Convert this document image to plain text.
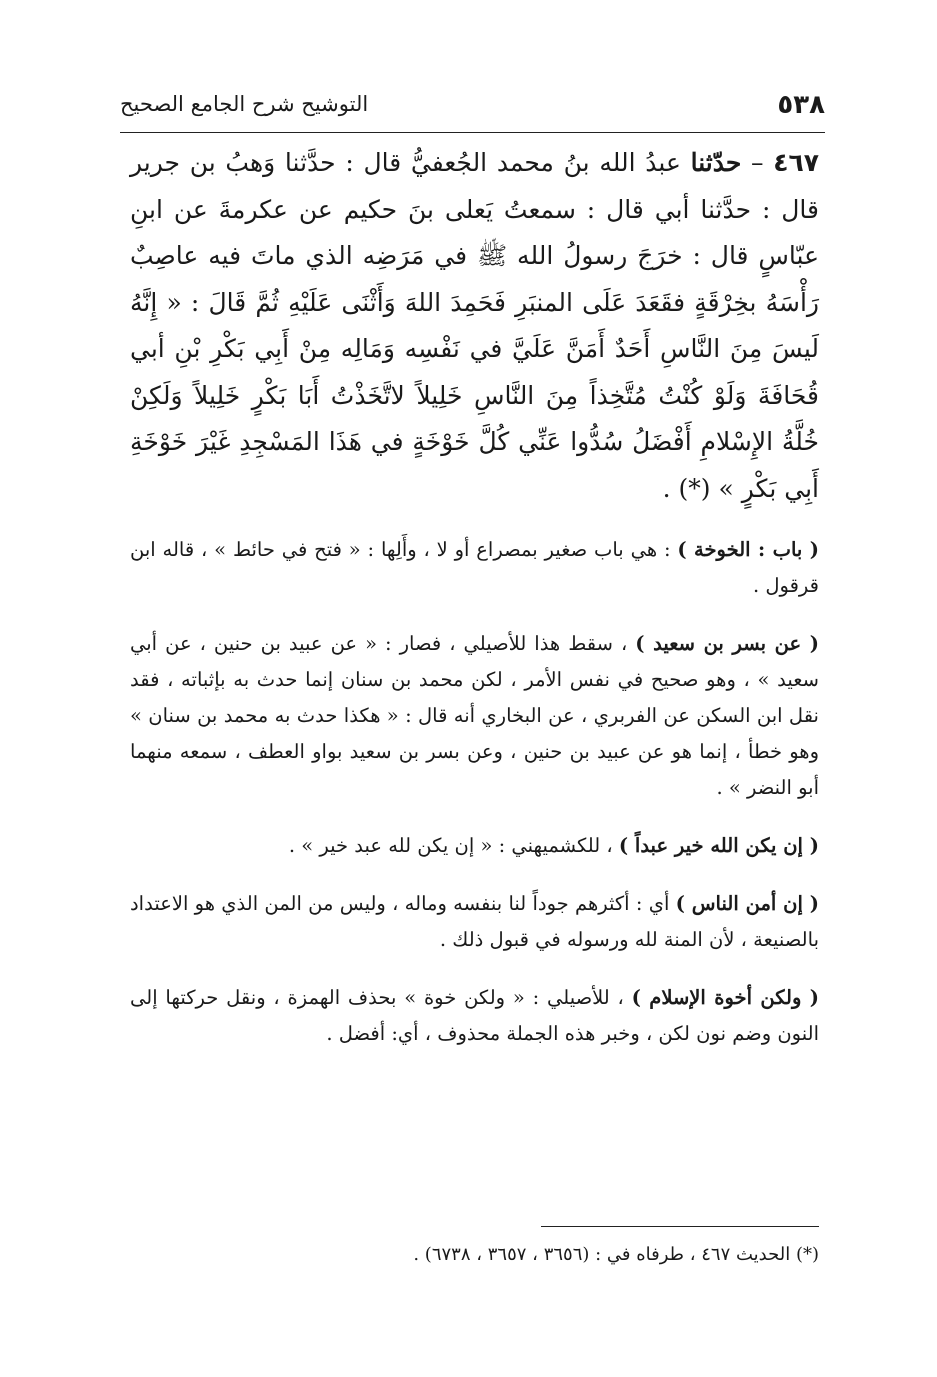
٥٣٨
التوشيح شرح الجامع الصحيح

٤٦٧ – حدّثنا عبدُ الله بنُ محمد الجُعفيُّ قال : حدَّثنا وَهبُ بن جرير قال : حدَّثنا أبي قال : سمعتُ يَعلى بنَ حكيم عن عكرمةَ عن ابنِ عبّاسٍ قال : خرَجَ رسولُ الله ﷺ في مَرَضِه الذي ماتَ فيه عاصِبٌ رَأْسَهُ بخِرْقَةٍ فقَعَدَ عَلَى المنبَرِ فَحَمِدَ اللهَ وَأَثْنَى عَلَيْهِ ثُمَّ قَالَ : « إِنَّهُ لَيسَ مِنَ النَّاسِ أَحَدٌ أَمَنَّ عَلَيَّ في نَفْسِه وَمَالِه مِنْ أَبِي بَكْرِ بْنِ أبي قُحَافَةَ وَلَوْ كُنْتُ مُتَّخِذاً مِنَ النَّاسِ خَلِيلاً لاتَّخَذْتُ أَبَا بَكْرٍ خَلِيلاً وَلَكِنْ خُلَّةُ الإِسْلامِ أَفْضَلُ سُدُّوا عَنِّي كُلَّ خَوْخَةٍ في هَذَا المَسْجِدِ غَيْرَ خَوْخَةِ أَبِي بَكْرٍ » (*) .

( باب : الخوخة ) : هي باب صغير بمصراع أو لا ، وأَلِها : « فتح في حائط » ، قاله ابن قرقول .

( عن بسر بن سعيد ) ، سقط هذا للأصيلي ، فصار : « عن عبيد بن حنين ، عن أبي سعيد » ، وهو صحيح في نفس الأمر ، لكن محمد بن سنان إنما حدث به بإثباته ، فقد نقل ابن السكن عن الفربري ، عن البخاري أنه قال : « هكذا حدث به محمد بن سنان » وهو خطأ ، إنما هو عن عبيد بن حنين ، وعن بسر بن سعيد بواو العطف ، سمعه منهما أبو النضر » .

( إن يكن الله خير عبداً ) ، للكشميهني : « إن يكن لله عبد خير » .

( إن أمن الناس ) أي : أكثرهم جوداً لنا بنفسه وماله ، وليس من المن الذي هو الاعتداد بالصنيعة ، لأن المنة لله ورسوله في قبول ذلك .

( ولكن أخوة الإسلام ) ، للأصيلي : « ولكن خوة » بحذف الهمزة ، ونقل حركتها إلى النون وضم نون لكن ، وخبر هذه الجملة محذوف ، أي: أفضل .

(*) الحديث ٤٦٧ ، طرفاه في : (٣٦٥٦ ، ٣٦٥٧ ، ٦٧٣٨) .
